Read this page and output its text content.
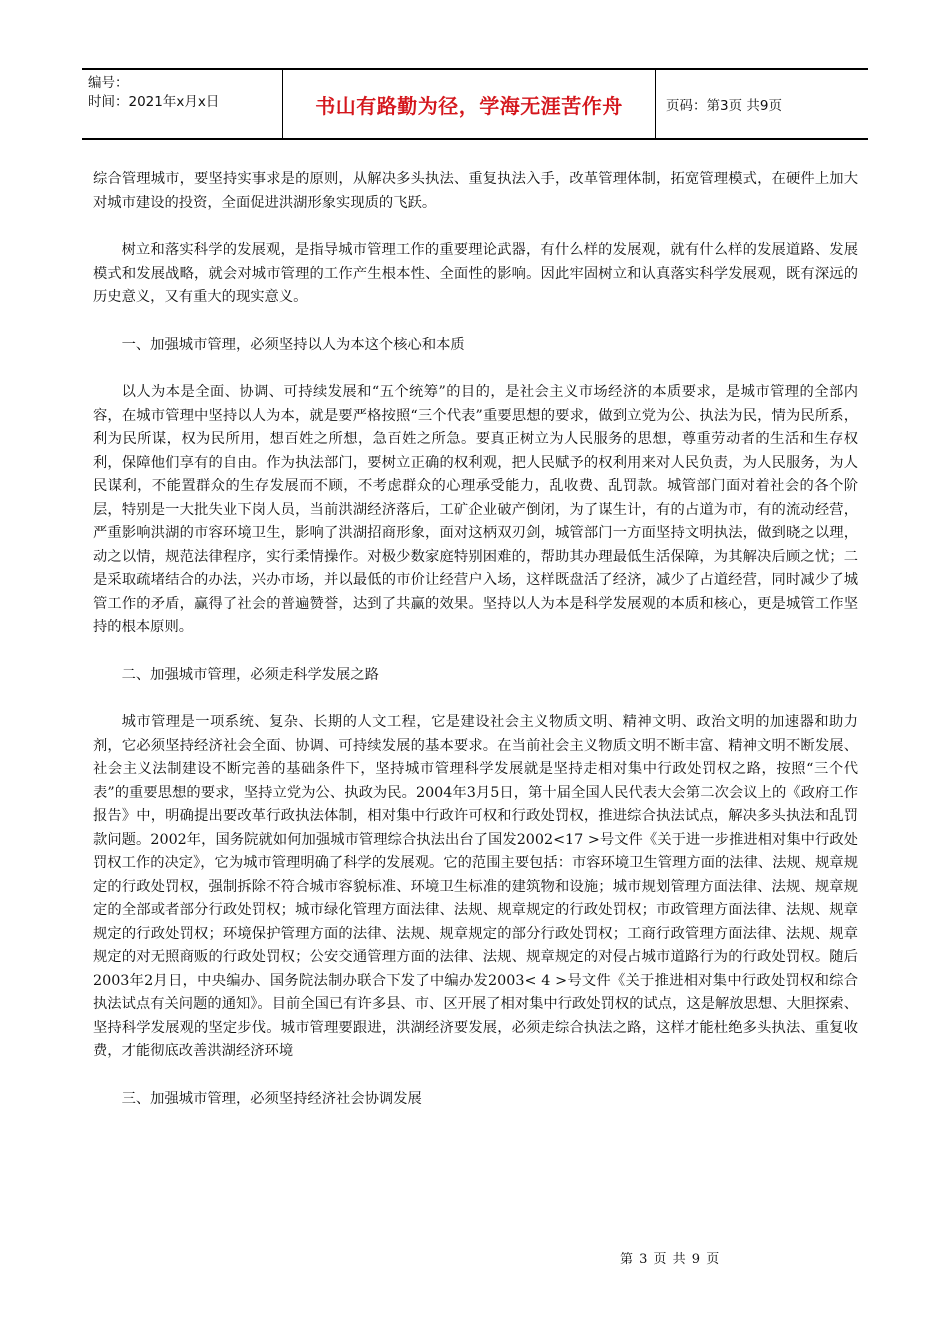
编号：
时间：2021年x月x日	书山有路勤为径，学海无涯苦作舟	页码：第3页 共9页

综合管理城市，要坚持实事求是的原则，从解决多头执法、重复执法入手，改革管理体制，拓宽管理模式，在硬件上加大对城市建设的投资，全面促进洪湖形象实现质的飞跃。

树立和落实科学的发展观，是指导城市管理工作的重要理论武器，有什么样的发展观，就有什么样的发展道路、发展模式和发展战略，就会对城市管理的工作产生根本性、全面性的影响。因此牢固树立和认真落实科学发展观，既有深远的历史意义，又有重大的现实意义。

一、加强城市管理，必须坚持以人为本这个核心和本质

以人为本是全面、协调、可持续发展和“五个统筹”的目的，是社会主义市场经济的本质要求，是城市管理的全部内容，在城市管理中坚持以人为本，就是要严格按照“三个代表”重要思想的要求，做到立党为公、执法为民，情为民所系，利为民所谋，权为民所用，想百姓之所想，急百姓之所急。要真正树立为人民服务的思想，尊重劳动者的生活和生存权利，保障他们享有的自由。作为执法部门，要树立正确的权利观，把人民赋予的权利用来对人民负责，为人民服务，为人民谋利，不能置群众的生存发展而不顾，不考虑群众的心理承受能力，乱收费、乱罚款。城管部门面对着社会的各个阶层，特别是一大批失业下岗人员，当前洪湖经济落后，工矿企业破产倒闭，为了谋生计，有的占道为市，有的流动经营，严重影响洪湖的市容环境卫生，影响了洪湖招商形象，面对这柄双刃剑，城管部门一方面坚持文明执法，做到晓之以理，动之以情，规范法律程序，实行柔情操作。对极少数家庭特别困难的，帮助其办理最低生活保障，为其解决后顾之忧；二是采取疏堵结合的办法，兴办市场，并以最低的市价让经营户入场，这样既盘活了经济，减少了占道经营，同时减少了城管工作的矛盾，赢得了社会的普遍赞誉，达到了共赢的效果。坚持以人为本是科学发展观的本质和核心，更是城管工作坚持的根本原则。

二、加强城市管理，必须走科学发展之路

城市管理是一项系统、复杂、长期的人文工程，它是建设社会主义物质文明、精神文明、政治文明的加速器和助力剂，它必须坚持经济社会全面、协调、可持续发展的基本要求。在当前社会主义物质文明不断丰富、精神文明不断发展、社会主义法制建设不断完善的基础条件下，坚持城市管理科学发展就是坚持走相对集中行政处罚权之路，按照“三个代表”的重要思想的要求，坚持立党为公、执政为民。2004年3月5日，第十届全国人民代表大会第二次会议上的《政府工作报告》中，明确提出要改革行政执法体制，相对集中行政许可权和行政处罚权，推进综合执法试点，解决多头执法和乱罚款问题。2002年，国务院就如何加强城市管理综合执法出台了国发2002<17 >号文件《关于进一步推进相对集中行政处罚权工作的决定》，它为城市管理明确了科学的发展观。它的范围主要包括：市容环境卫生管理方面的法律、法规、规章规定的行政处罚权，强制拆除不符合城市容貌标准、环境卫生标准的建筑物和设施；城市规划管理方面法律、法规、规章规定的全部或者部分行政处罚权；城市绿化管理方面法律、法规、规章规定的行政处罚权；市政管理方面法律、法规、规章规定的行政处罚权；环境保护管理方面的法律、法规、规章规定的部分行政处罚权；工商行政管理方面法律、法规、规章规定的对无照商贩的行政处罚权；公安交通管理方面的法律、法规、规章规定的对侵占城市道路行为的行政处罚权。随后2003年2月日，中央编办、国务院法制办联合下发了中编办发2003< 4 >号文件《关于推进相对集中行政处罚权和综合执法试点有关问题的通知》。目前全国已有许多县、市、区开展了相对集中行政处罚权的试点，这是解放思想、大胆探索、坚持科学发展观的坚定步伐。城市管理要跟进，洪湖经济要发展，必须走综合执法之路，这样才能杜绝多头执法、重复收费，才能彻底改善洪湖经济环境

三、加强城市管理，必须坚持经济社会协调发展

第 3 页 共 9 页
